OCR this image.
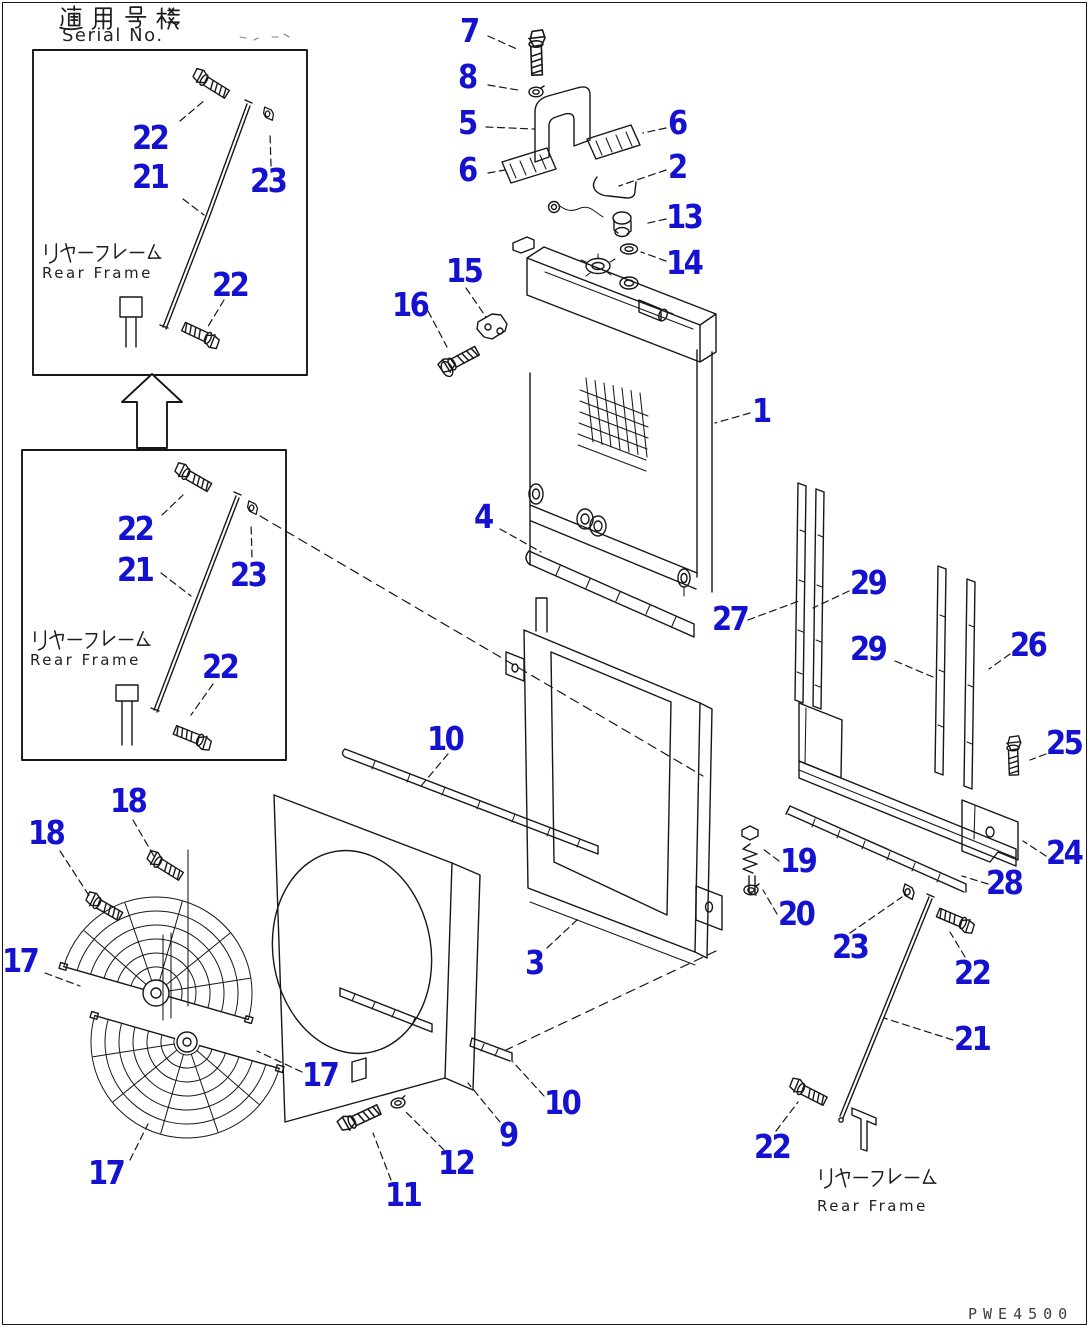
Serial No.
Rear Frame
Rear Frame
Rear Frame
PWE4500
7
8
5	6
6	2
13
14
15
16
1
4
27
29
29	26
25
24
28
19
20
23
22
21
22
10
10
9
12
11
3
17
17
17
18
18
22
21	23
22
22
21 23
22
